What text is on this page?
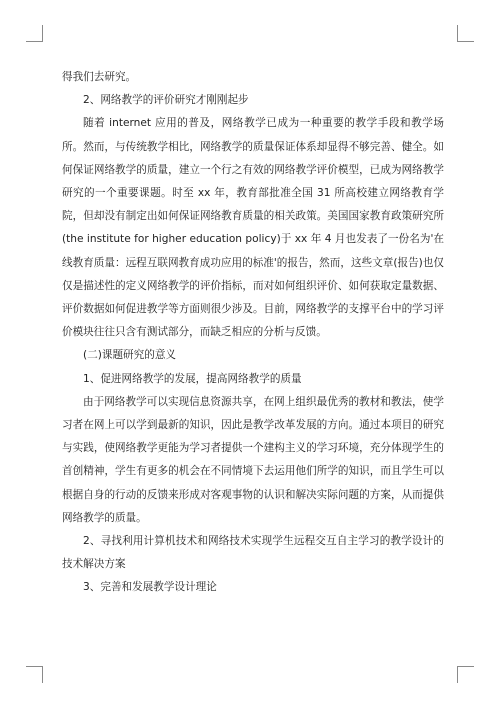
得我们去研究。

2、网络教学的评价研究才刚刚起步

随着 internet 应用的普及，网络教学已成为一种重要的教学手段和教学场所。然而，与传统教学相比，网络教学的质量保证体系却显得不够完善、健全。如何保证网络教学的质量，建立一个行之有效的网络教学评价模型，已成为网络教学研究的一个重要课题。时至 xx 年，教育部批准全国 31 所高校建立网络教育学院，但却没有制定出如何保证网络教育质量的相关政策。美国国家教育政策研究所(the institute for higher education policy)于 xx 年 4 月也发表了一份名为'在线教育质量：远程互联网教育成功应用的标准'的报告，然而，这些文章(报告)也仅仅是描述性的定义网络教学的评价指标，而对如何组织评价、如何获取定量数据、评价数据如何促进教学等方面则很少涉及。目前，网络教学的支撑平台中的学习评价模块往往只含有测试部分，而缺乏相应的分析与反馈。

(二)课题研究的意义

1、促进网络教学的发展，提高网络教学的质量

由于网络教学可以实现信息资源共享，在网上组织最优秀的教材和教法，使学习者在网上可以学到最新的知识，因此是教学改革发展的方向。通过本项目的研究与实践，使网络教学更能为学习者提供一个建构主义的学习环境，充分体现学生的首创精神，学生有更多的机会在不同情境下去运用他们所学的知识，而且学生可以根据自身的行动的反馈来形成对客观事物的认识和解决实际问题的方案，从而提供网络教学的质量。

2、寻找利用计算机技术和网络技术实现学生远程交互自主学习的教学设计的技术解决方案

3、完善和发展教学设计理论
